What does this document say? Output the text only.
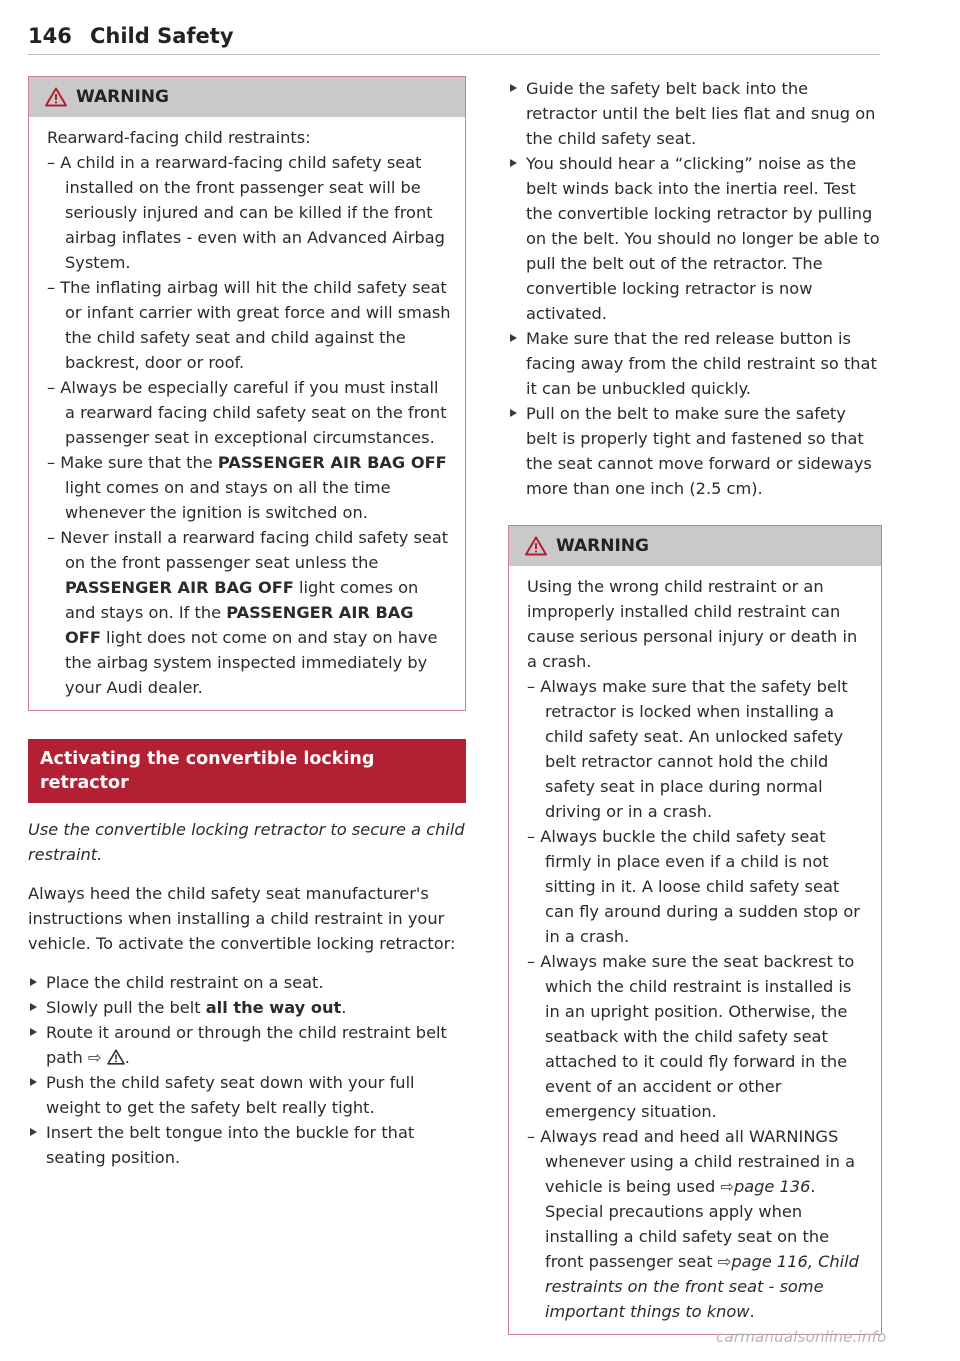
146 Child Safety
WARNING

Rearward-facing child restraints:

– A child in a rearward-facing child safety seat installed on the front passenger seat will be seriously injured and can be killed if the front airbag inflates - even with an Advanced Airbag System.

– The inflating airbag will hit the child safety seat or infant carrier with great force and will smash the child safety seat and child against the backrest, door or roof.

– Always be especially careful if you must install a rearward facing child safety seat on the front passenger seat in exceptional circumstances.

– Make sure that the PASSENGER AIR BAG OFF light comes on and stays on all the time whenever the ignition is switched on.

– Never install a rearward facing child safety seat on the front passenger seat unless the PASSENGER AIR BAG OFF light comes on and stays on. If the PASSENGER AIR BAG OFF light does not come on and stay on have the airbag system inspected immediately by your Audi dealer.

Activating the convertible locking retractor

Use the convertible locking retractor to secure a child restraint.

Always heed the child safety seat manufacturer's instructions when installing a child restraint in your vehicle. To activate the convertible locking retractor:

Place the child restraint on a seat.
Slowly pull the belt all the way out.
Route it around or through the child restraint belt path ⇨ .
Push the child safety seat down with your full weight to get the safety belt really tight.
Insert the belt tongue into the buckle for that seating position.
Guide the safety belt back into the retractor until the belt lies flat and snug on the child safety seat.
You should hear a “clicking” noise as the belt winds back into the inertia reel. Test the convertible locking retractor by pulling on the belt. You should no longer be able to pull the belt out of the retractor. The convertible locking retractor is now activated.
Make sure that the red release button is facing away from the child restraint so that it can be unbuckled quickly.
Pull on the belt to make sure the safety belt is properly tight and fastened so that the seat cannot move forward or sideways more than one inch (2.5 cm).
WARNING

Using the wrong child restraint or an improperly installed child restraint can cause serious personal injury or death in a crash.

– Always make sure that the safety belt retractor is locked when installing a child safety seat. An unlocked safety belt retractor cannot hold the child safety seat in place during normal driving or in a crash.

– Always buckle the child safety seat firmly in place even if a child is not sitting in it. A loose child safety seat can fly around during a sudden stop or in a crash.

– Always make sure the seat backrest to which the child restraint is installed is in an upright position. Otherwise, the seatback with the child safety seat attached to it could fly forward in the event of an accident or other emergency situation.

– Always read and heed all WARNINGS whenever using a child restrained in a vehicle is being used ⇨page 136. Special precautions apply when installing a child safety seat on the front passenger seat ⇨page 116, Child restraints on the front seat - some important things to know.

carmanualsonline.info
